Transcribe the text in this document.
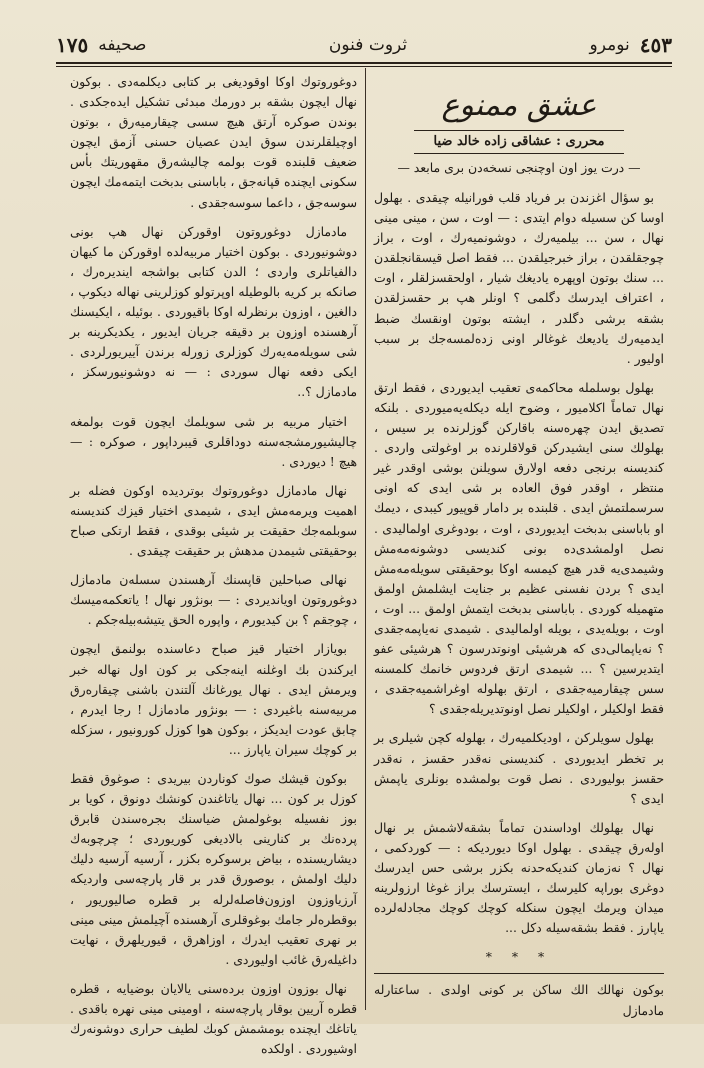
٤٥٣
نومرو
ثروت فنون
صحيفه
١٧٥
عشق ممنوع
محرری : عشاقی زاده خالد ضیا
— درت یوز اون اوچنجی نسخه‌دن بری مابعد —

بو سؤال اغزندن بر فریاد قلب فورانیله چیقدی . بهلول اوسا کن سسیله دوام ایتدی : — اوت ، سن ، مینی مینی نهال ، سن ... بیلمیه‌رك ، دوشونمیه‌رك ، اوت ، براز چوجقلقدن ، براز خبرجیلقدن ... فقط اصل قیسقانجلقدن ... سنك بوتون اوپهره یادیغك شیار ، اولحقسزلقلر ، اوت ، اعتراف ایدرسك دگلمی ؟ اونلر هپ بر حقسزلقدن بشقه برشی دگلدر ، ایشته بوتون اونقسك ضبط ایدمیه‌رك یادیعك غوغالر اونی زده‌لمسه‌جك بر سبب اولیور .

بهلول بوسلمله محاکمه‌ی تعقیب ایدیوردی ، فقط ارتق نهال تماماً اکلامیور ، وضوح ایله دیکله‌یه‌میوردی . بلنکه تصدیق ایدن چهره‌سنه باقارکن گوزلرنده بر سیس ، بهلولك سنی ایشیدرکن قولاقلرنده بر اوغولتی واردی . کندیسنه برنجی دفعه اولارق سویلنن بوشی اوقدر غیر منتظر ، اوقدر فوق العاده بر شی ایدی که اونی سرسملتمش ایدی . قلبنده بر دامار قوپیور کیبدی ، دیمك او باباسنی بدبخت ایدیوردی ، اوت ، بودوغری اولمالیدی . نصل اولمشدی‌ده بونی کندیسی دوشونه‌مه‌مش وشیمدی‌یه قدر هیچ کیمسه اوکا بوحقیقتی سویله‌مه‌مش ایدی ؟ بردن نفسنی عظیم بر جنایت ایشلمش اولمق متهمیله کوردی . باباسنی بدبخت ایتمش اولمق ... اوت ، اوت ، بویله‌یدی ، بویله اولمالیدی . شیمدی نه‌یاپمه‌جقدی ؟ نه‌یاپمالی‌دی که هرشیئی اونوتدرسون ؟ هرشیئی عفو ایتدیرسین ؟ ... شیمدی ارتق فردوس خانمك کلمسنه سس چیقارمیه‌جقدی ، ارتق بهلوله اوغراشمیه‌جقدی ، فقط اولکیلر ، اولکیلر نصل اونوتدیریله‌جقدی ؟

بهلول سویلرکن ، اودیکلمیه‌رك ، بهلوله کچن شیلری بر بر تخطر ایدیوردی . کندیسنی نه‌قدر حقسز ، نه‌قدر حقسز بولیوردی . نصل قوت بولمشده بونلری یاپمش ایدی ؟

نهال بهلولك اوداسندن تماماً بشقه‌لاشمش بر نهال اوله‌رق چیقدی . بهلول اوکا دیوردیکه : — کوردکمی ، نهال ؟ نه‌زمان کندیکه‌حدنه بکزر برشی حس ایدرسك دوغری بوراپه کلیرسك ، ایسترسك براز غوغا ارزولرینه میدان ویرمك ایچون سنکله کوچك کوچك مجادله‌لرده یاپارز . فقط بشقه‌سیله دکل ...

* * *

بوکون نهالك الك ساکن بر کونی اولدی . ساعتارله مادمازل

دوغوروتوك اوکا اوقودیغی بر کتابی دیکلمه‌دی . بوکون نهال ایچون بشقه بر دورمك مبدئی تشکیل ایده‌جکدی . بوندن صوکره آرتق هیچ سسی چیقارمیه‌رق ، بوتون اوچیلقلرندن سوق ایدن عصیان حسنی آزمق ایچون ضعیف قلبنده قوت بولمه چالیشه‌رق مقهوریتك بأس سکونی ایچنده قپانه‌جق ، باباسنی بدبخت ایتمه‌مك ایچون سوسه‌جق ، داعما سوسه‌جقدی .

مادمازل دوغوروتون اوقورکن نهال هپ بونی دوشونیوردی . بوکون اختیار مربیه‌لده اوقورکن ما کیهان دالفیاتلری واردی ؛ الدن کتابی بواشجه ایندیره‌رك ، صانکه بر کریه بالوطیله اوپرتولو کوزلرینی نهاله دیکوپ ، دالغین ، اوزون برنظرله اوکا باقیوردی . بوئیله ، ایکیسنك آرهسنده اوزون بر دقیقه جریان ایدیور ، یکدیکرینه بر شی سویله‌مه‌یه‌رك کوزلری زورله برندن آییریورلردی . ایکی دفعه نهال سوردی : — نه دوشونیورسکز ، مادمازل ؟..

اختیار مربیه بر شی سویلمك ایچون قوت بولمغه چالیشیورمشجه‌سنه دوداقلری قیبرداپور ، صوکره : — هیچ ! دیوردی .

نهال مادمازل دوغوروتوك بوتردیده اوکون فضله بر اهمیت ویرمه‌مش ایدی ، شیمدی اختیار قیزك کندیسنه سوبلمه‌جك حقیقت بر شیئی بوقدی ، فقط ارتکی صباح بوحقیقتی شیمدن مدهش بر حقیقت چیقدی .

نهالی صباحلین قاپسنك آرهسندن سسله‌ن مادمازل دوغوروتون اویاندیردی : — بونژور نهال ! یاتعکمه‌میسك ، چوجقم ؟ بن کیدیورم ، واپوره الحق یتیشه‌بیله‌جکم .

بویازار اختیار قیز صباح دعاسنده بولنمق ایچون ایرکندن بك اوغلنه اینه‌جکی بر کون اول نهاله خبر ویرمش ایدی . نهال یورغانك آلتندن باشنی چیقاره‌رق مربیه‌سنه باغیردی : — بونژور مادمازل ! رجا ایدرم ، چابق عودت ایدیکز ، بوکون هوا کوزل کورونیور ، سزکله بر کوچك سیران یاپارز ...

بوکون قیشك صوك کوناردن بیریدی : صوغوق فقط کوزل بر کون ... نهال یاتاغندن کونشك دونوق ، کویا بر بوز نفسیله بوغولمش ضیاسنك بجره‌سندن قابرق پرده‌نك بر کنارینی بالادیغی کوریوردی ؛ چرچوبه‌ك دیشاریسنده ، بیاض برسوکره بکزر ، آرسیه آرسیه دلیك دلیك اولمش ، بوصورق قدر بر قار پارچه‌سی واردیکه آرزیاوزون اوزون‌فاصله‌لرله بر قطره صالیوریور ، بوقطره‌لر جامك بوغوقلری آرهسنده آچیلمش مینی مینی بر نهری تعقیب ایدرك ، اوزاهرق ، قیوریلهرق ، نهایت داغیله‌رق غائب اولیوردی .

نهال بوزون اوزون برده‌سنی یالایان بوضیایه ، قطره قطره آریین بوقار پارچه‌سنه ، اومینی مینی نهره باقدی . یاتاغك ایچنده بومشمش کوبك لطیف حراری دوشونه‌رك اوشیوردی . اولکده
